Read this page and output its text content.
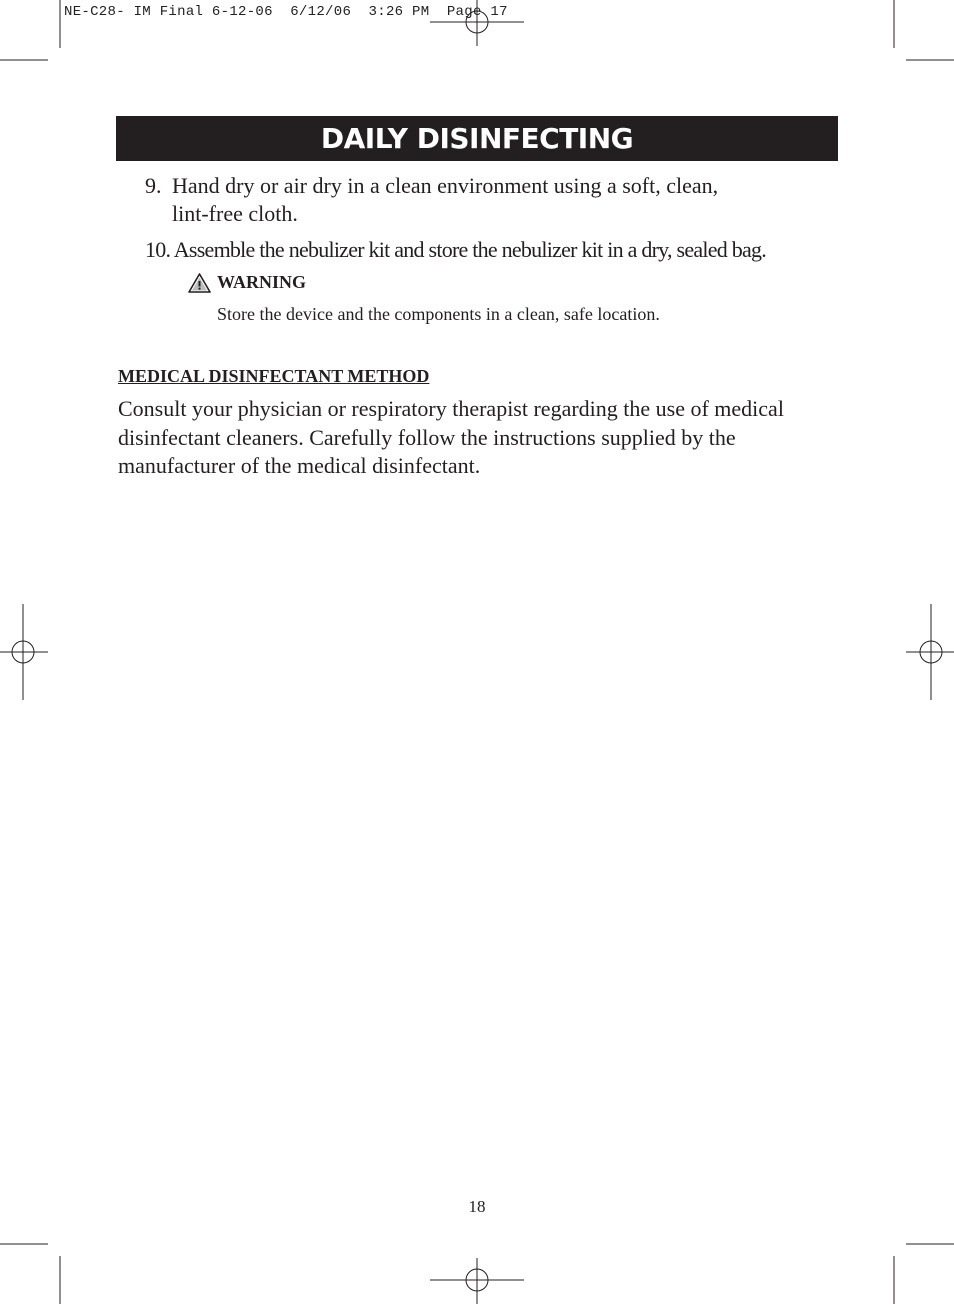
NE-C28- IM Final 6-12-06  6/12/06  3:26 PM  Page 17
DAILY DISINFECTING
9. Hand dry or air dry in a clean environment using a soft, clean,
lint-free cloth.
10. Assemble the nebulizer kit and store the nebulizer kit in a dry, sealed bag.
WARNING
Store the device and the components in a clean, safe location.
MEDICAL DISINFECTANT METHOD
Consult your physician or respiratory therapist regarding the use of medical disinfectant cleaners. Carefully follow the instructions supplied by the manufacturer of the medical disinfectant.
18
